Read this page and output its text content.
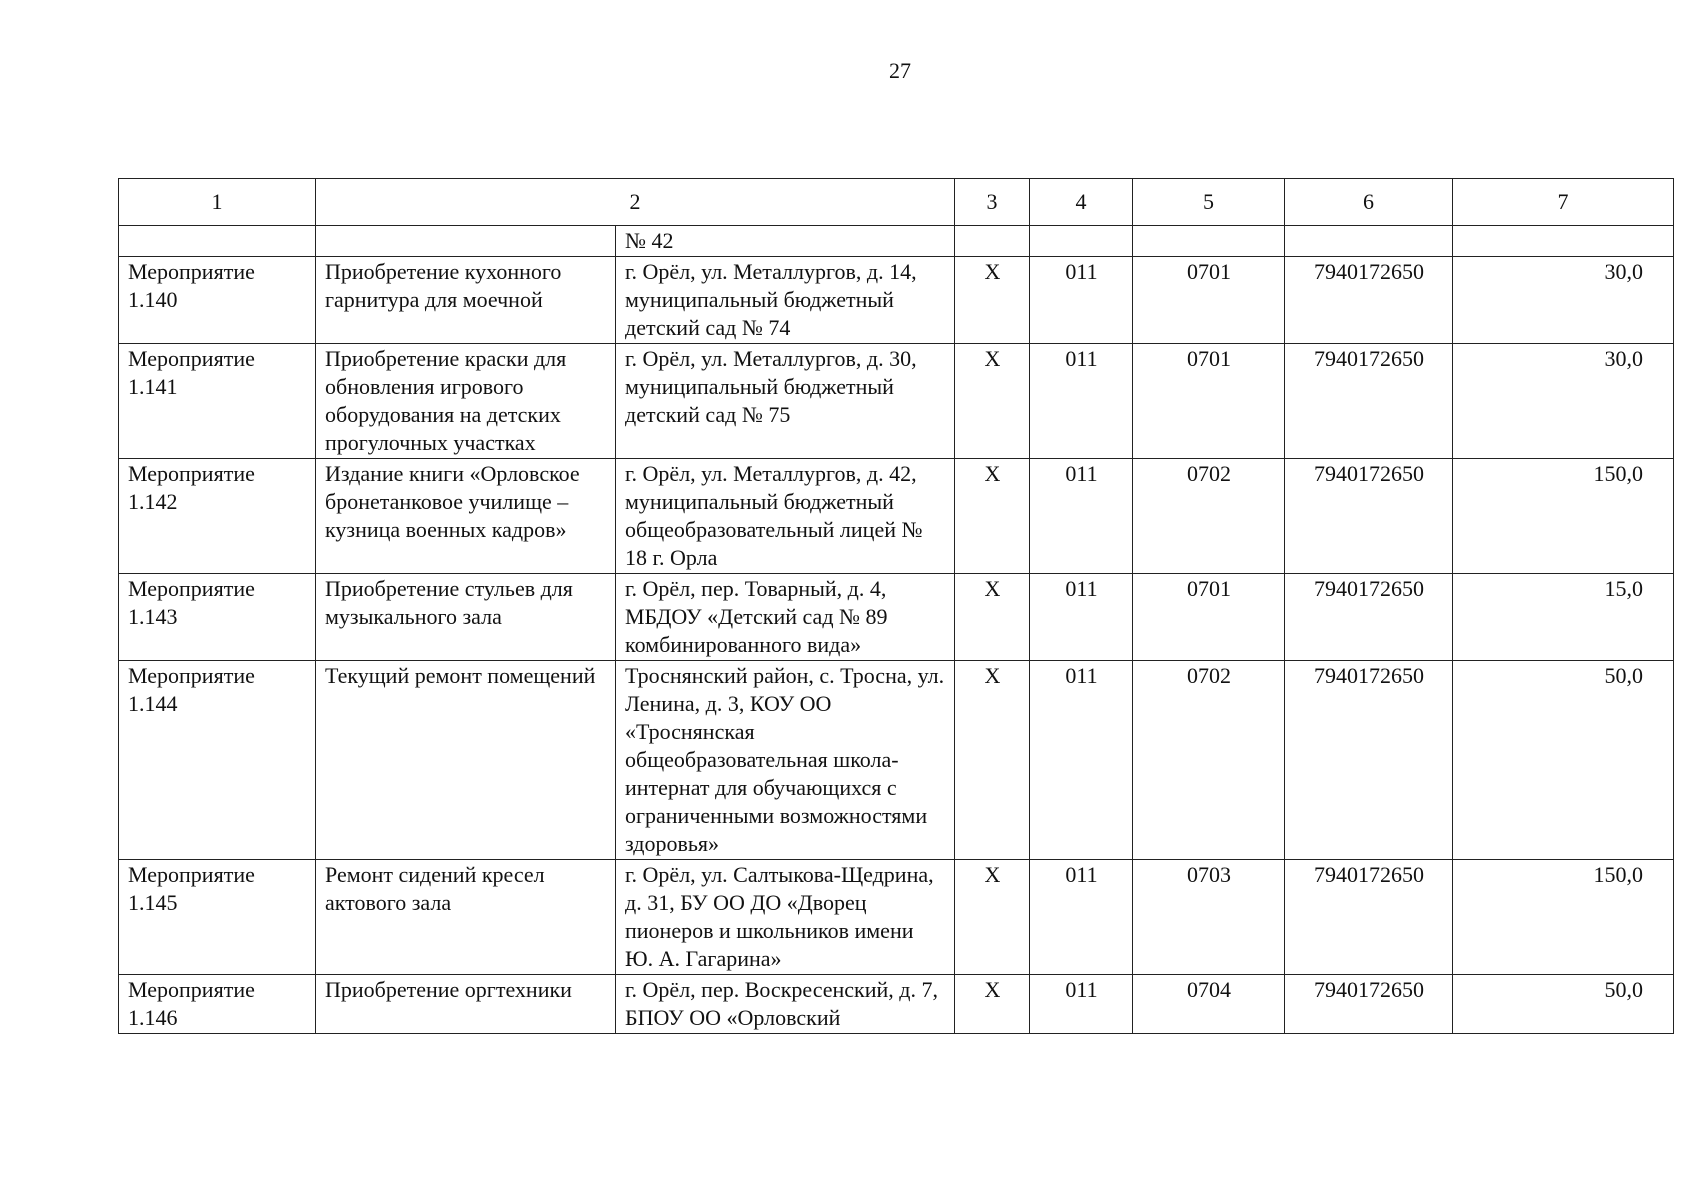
27
1	2		3	4	5	6	7
		№ 42					
Мероприятие 1.140	Приобретение кухонного гарнитура для моечной	г. Орёл, ул. Металлургов, д. 14, муниципальный бюджетный детский сад № 74	Х	011	0701	7940172650	30,0
Мероприятие 1.141	Приобретение краски для обновления игрового оборудования на детских прогулочных участках	г. Орёл, ул. Металлургов, д. 30, муниципальный бюджетный детский сад № 75	Х	011	0701	7940172650	30,0
Мероприятие 1.142	Издание книги «Орловское бронетанковое училище – кузница военных кадров»	г. Орёл, ул. Металлургов, д. 42, муниципальный бюджетный общеобразовательный лицей № 18 г. Орла	Х	011	0702	7940172650	150,0
Мероприятие 1.143	Приобретение стульев для музыкального зала	г. Орёл, пер. Товарный, д. 4, МБДОУ «Детский сад № 89 комбинированного вида»	Х	011	0701	7940172650	15,0
Мероприятие 1.144	Текущий ремонт помещений	Троснянский район, с. Тросна, ул. Ленина, д. 3, КОУ ОО «Троснянская общеобразовательная школа-интернат для обучающихся с ограниченными возможностями здоровья»	Х	011	0702	7940172650	50,0
Мероприятие 1.145	Ремонт сидений кресел актового зала	г. Орёл, ул. Салтыкова-Щедрина, д. 31, БУ ОО ДО «Дворец пионеров и школьников имени Ю. А. Гагарина»	Х	011	0703	7940172650	150,0
Мероприятие 1.146	Приобретение оргтехники	г. Орёл, пер. Воскресенский, д. 7, БПОУ ОО «Орловский	Х	011	0704	7940172650	50,0
